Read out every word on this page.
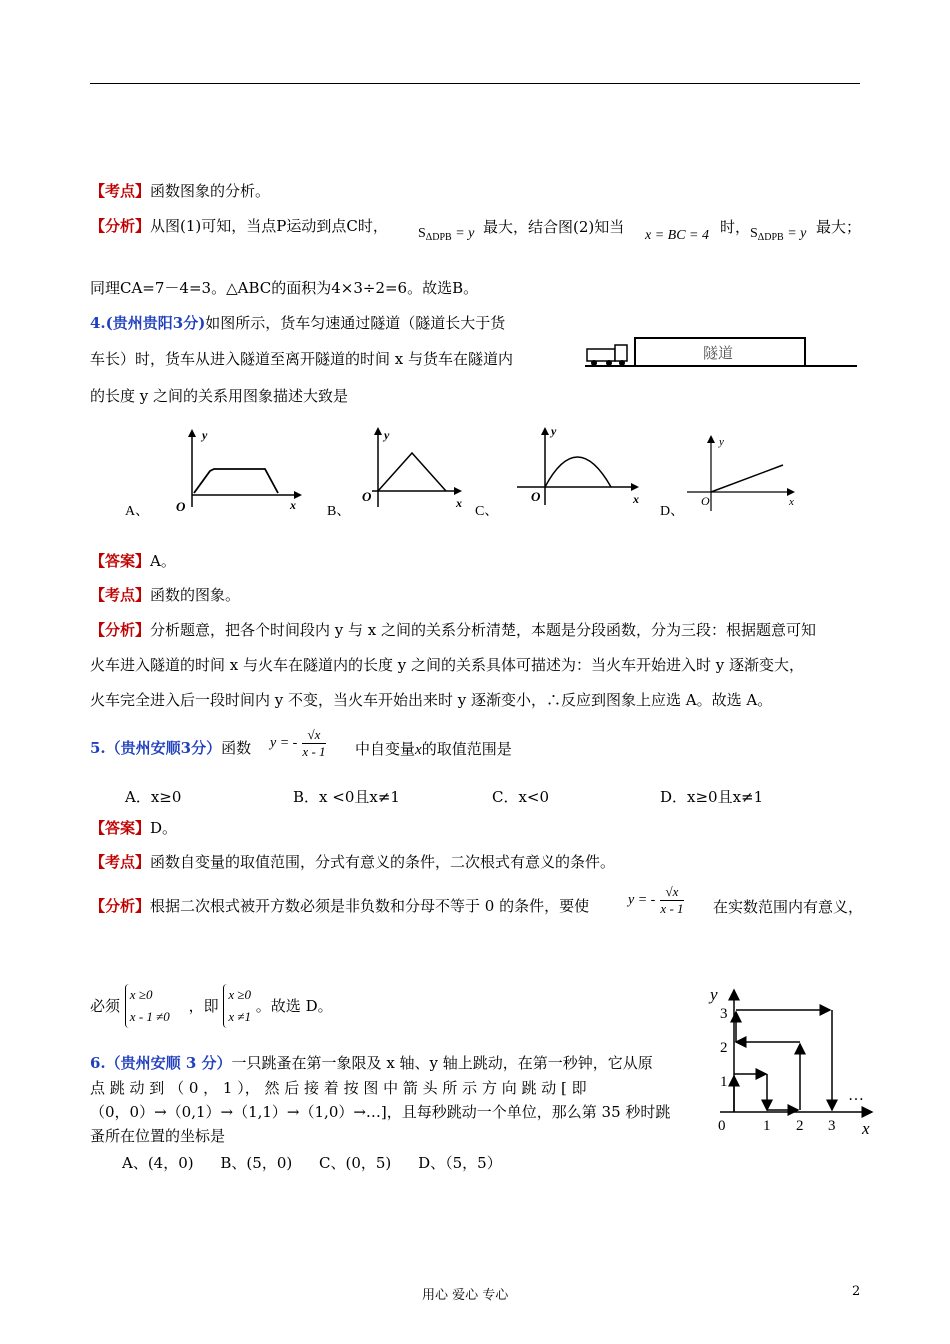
【考点】函数图象的分析。
【分析】从图(1)可知，当点P运动到点C时， $S_{\Delta DPB} = y$ 最大，结合图(2)知当 x = BC = 4 时， $S_{\Delta DPB} = y$ 最大；
同理CA=7－4=3。△ABC的面积为4×3÷2=6。故选B。
4.(贵州贵阳3分)如图所示，货车匀速通过隧道（隧道长大于货
车长）时，货车从进入隧道至离开隧道的时间 x 与货车在隧道内
的长度 y 之间的关系用图象描述大致是
隧道
A、
y
x
O	B、
y
x
O
C、
y
x
O
D、
y
x
O
【答案】A。
【考点】函数的图象。
【分析】分析题意，把各个时间段内 y 与 x 之间的关系分析清楚，本题是分段函数，分为三段：根据题意可知
火车进入隧道的时间 x 与火车在隧道内的长度 y 之间的关系具体可描述为：当火车开始进入时 y 逐渐变大，
火车完全进入后一段时间内 y 不变，当火车开始出来时 y 逐渐变小，∴反应到图象上应选 A。故选 A。
5.（贵州安顺3分）函数 y = - $\frac{√x}{x - 1}$ 中自变量x的取值范围是
A．x≥0	B．x <0且x≠1	C．x<0	D．x≥0且x≠1
【答案】D。
【考点】函数自变量的取值范围，分式有意义的条件，二次根式有意义的条件。
【分析】根据二次根式被开方数必须是非负数和分母不等于 0 的条件，要使	y = - $\frac{√x}{x - 1}$ 在实数范围内有意义，
必须
x ≥0
x - 1 ≠0
，即
x ≥0
x ≠1
。故选 D。
6.（贵州安顺 3 分）一只跳蚤在第一象限及 x 轴、y 轴上跳动，在第一秒钟，它从原
点 跳 动 到 （ 0 ， 1 ）， 然 后 接 着 按 图 中 箭 头 所 示 方 向 跳 动 [ 即
（0，0）→（0,1）→（1,1）→（1,0）→…]，且每秒跳动一个单位，那么第 35 秒时跳
蚤所在位置的坐标是
A、(4，0) B、(5，0) C、(0，5) D、（5，5）
y
x
0	1 2 3
1
2
3
…
用心 爱心 专心	2
